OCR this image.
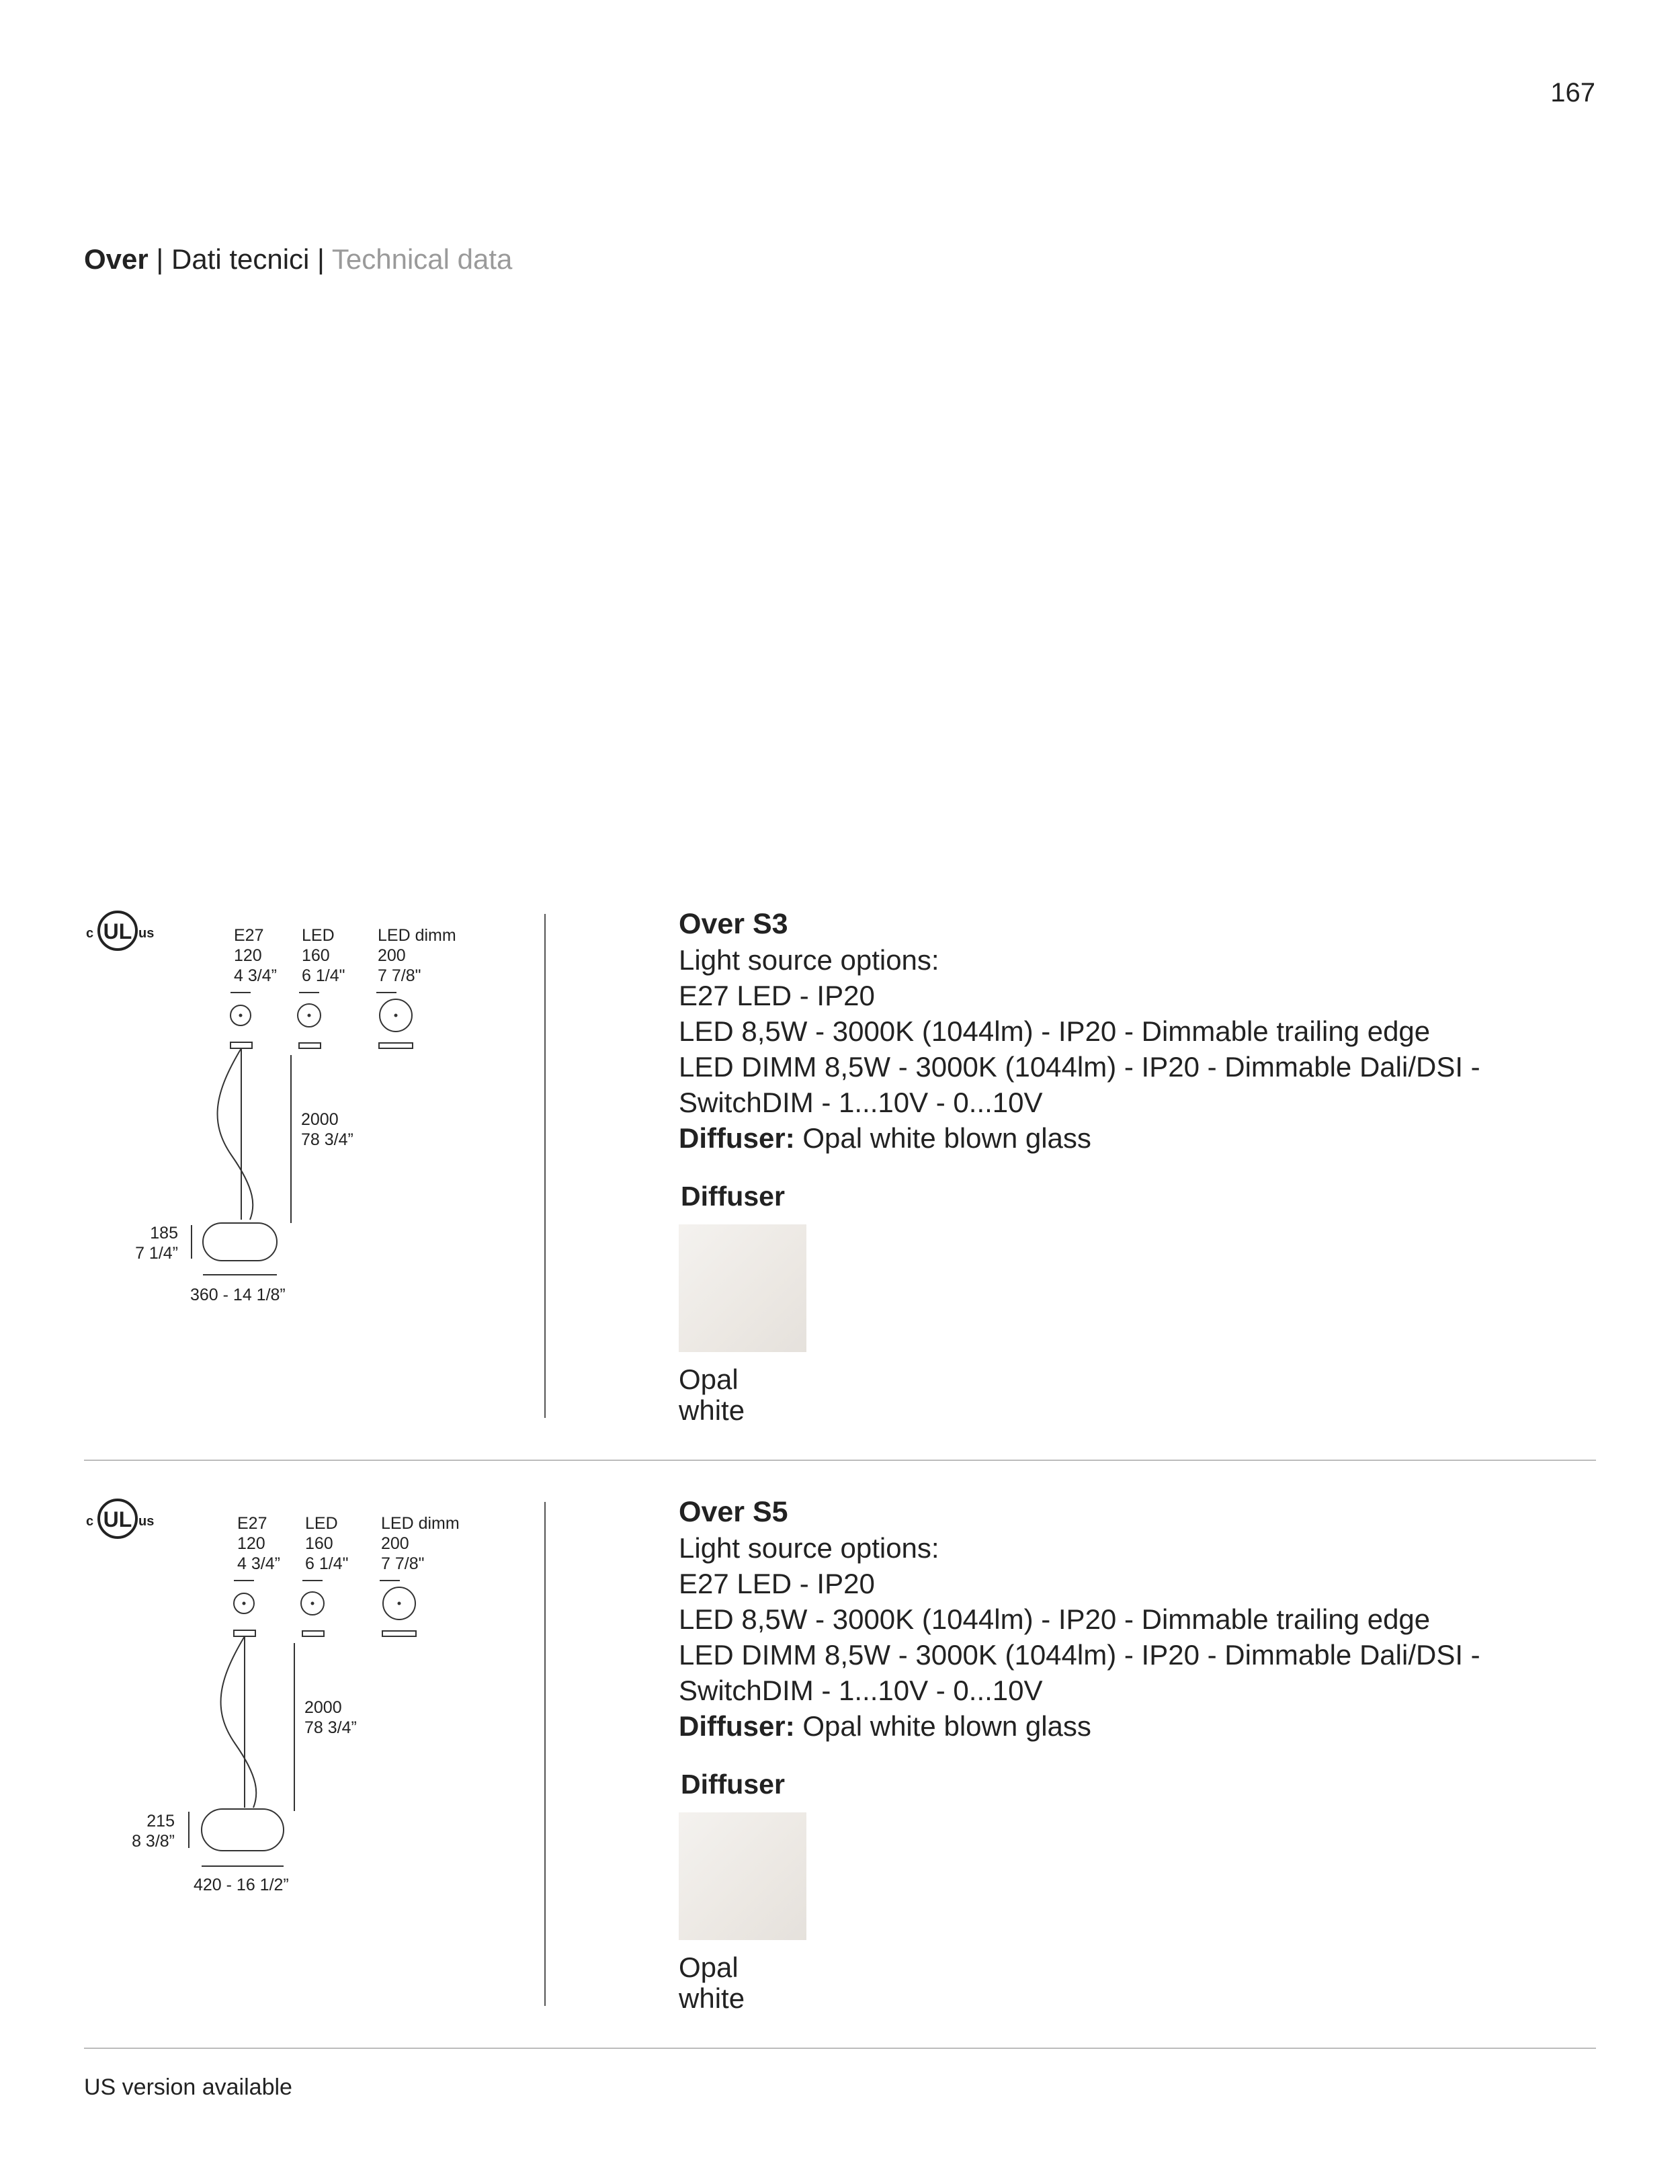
167
Over | Dati tecnici | Technical data
UL
c	us	E27
120
4 3/4”
LED
160
6 1/4"
LED dimm
200
7 7/8"
2000
78 3/4”
185
7 1/4”
360 - 14 1/8”
Over S3
Light source options:
E27 LED - IP20
LED 8,5W - 3000K (1044lm) - IP20 - Dimmable trailing edge
LED DIMM 8,5W - 3000K (1044lm) - IP20 - Dimmable Dali/DSI -
SwitchDIM - 1...10V - 0...10V
Diffuser: Opal white blown glass
Diffuser
Opal white
UL
c	us	E27
120
4 3/4”
LED
160
6 1/4"
LED dimm
200
7 7/8"
2000
78 3/4”
215
8 3/8”
420 - 16 1/2”
Over S5
Light source options:
E27 LED - IP20
LED 8,5W - 3000K (1044lm) - IP20 - Dimmable trailing edge
LED DIMM 8,5W - 3000K (1044lm) - IP20 - Dimmable Dali/DSI -
SwitchDIM - 1...10V - 0...10V
Diffuser: Opal white blown glass
Diffuser
Opal white
US version available
